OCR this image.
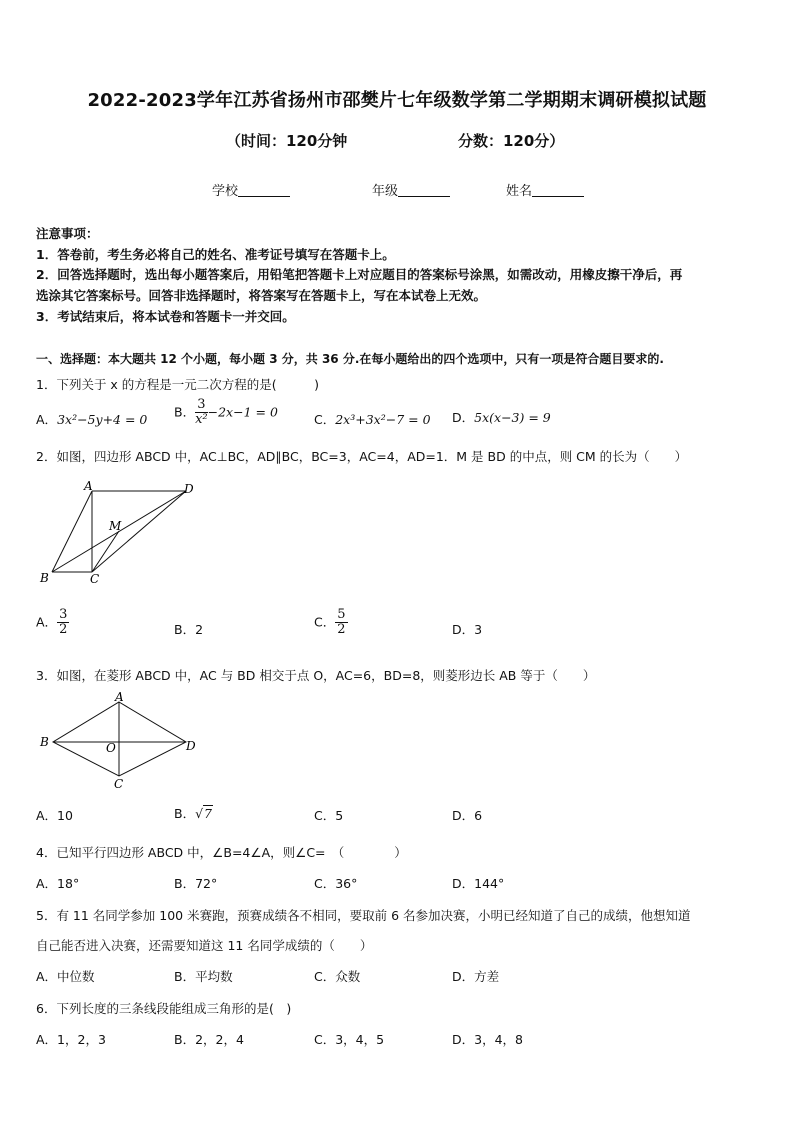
2022-2023学年江苏省扬州市邵樊片七年级数学第二学期期末调研模拟试题
（时间：120分钟	分数：120分）
学校	年级	姓名
注意事项：
1．答卷前，考生务必将自己的姓名、准考证号填写在答题卡上。
2．回答选择题时，选出每小题答案后，用铅笔把答题卡上对应题目的答案标号涂黑，如需改动，用橡皮擦干净后，再
选涂其它答案标号。回答非选择题时，将答案写在答题卡上，写在本试卷上无效。
3．考试结束后，将本试卷和答题卡一并交回。
一、选择题：本大题共 12 个小题，每小题 3 分，共 36 分.在每小题给出的四个选项中，只有一项是符合题目要求的.
1．下列关于 x 的方程是一元二次方程的是(　　　)
A．3x²−5y+4 = 0
B． $\frac{3}{\text{x²}} -2x-1 = 0$
C．2x³+3x²−7 = 0 D．5x(x−3) = 9
2．如图，四边形 ABCD 中，AC⊥BC，AD∥BC，BC=3，AC=4，AD=1．M 是 BD 的中点，则 CM 的长为（　　）
A	D
M
B	C
A． $\frac{3}{2}$	B．2
C． $\frac{5}{2}$	D．3
3．如图，在菱形 ABCD 中，AC 与 BD 相交于点 O，AC=6，BD=8，则菱形边长 AB 等于（　　）
A
B	D
O
C
A．10	B．√7	C．5	D．6
4．已知平行四边形 ABCD 中，∠B=4∠A，则∠C=　（　　　　）
A．18°	B．72°	C．36°	D．144°
5．有 11 名同学参加 100 米赛跑，预赛成绩各不相同，要取前 6 名参加决赛，小明已经知道了自己的成绩，他想知道
自己能否进入决赛，还需要知道这 11 名同学成绩的（　　）
A．中位数	B．平均数	C．众数	D．方差
6．下列长度的三条线段能组成三角形的是(　)
A．1，2，3	B．2，2，4	C．3，4，5	D．3，4，8
